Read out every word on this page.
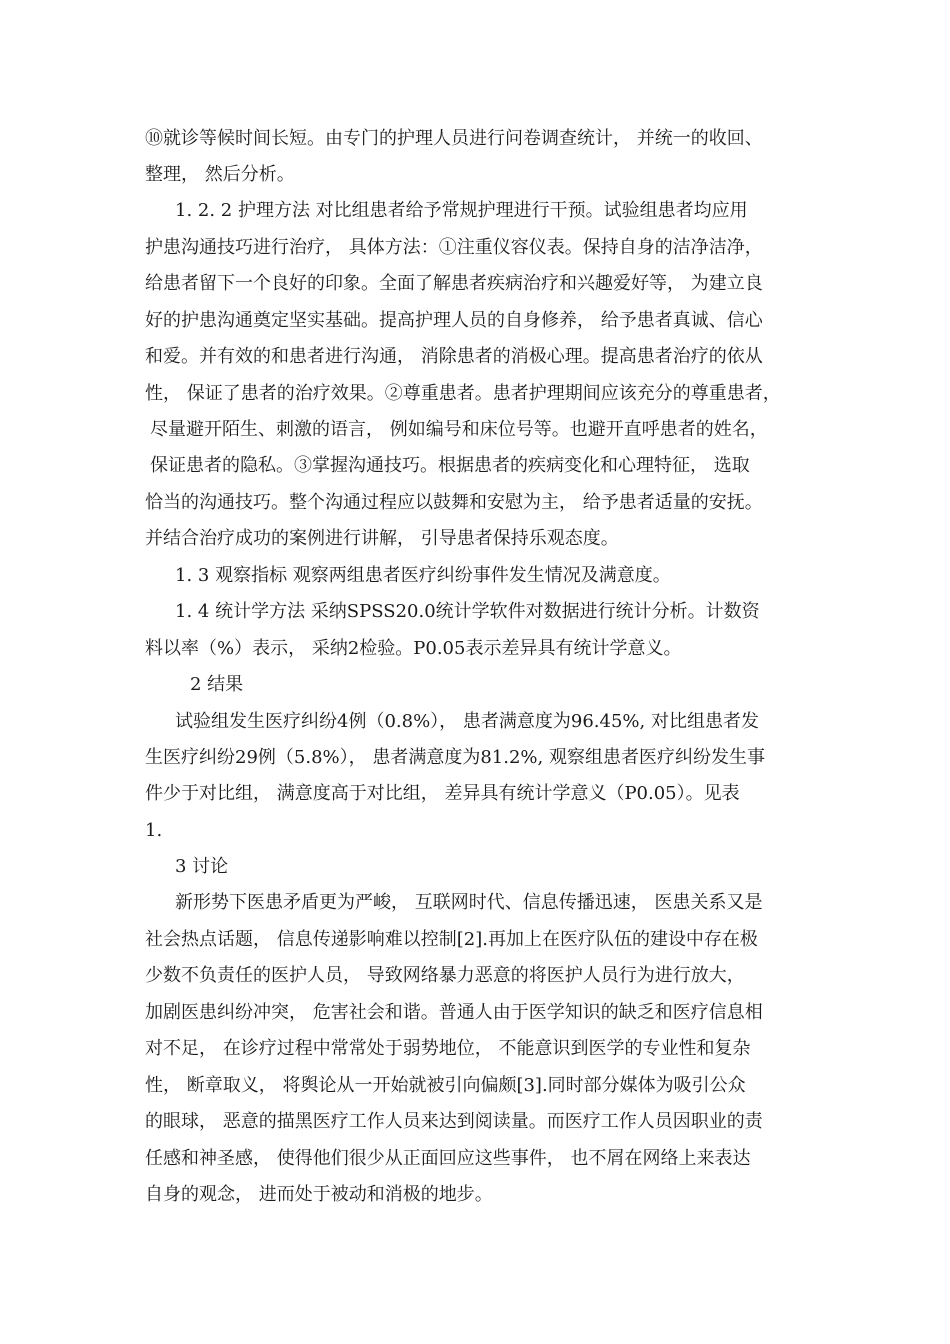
⑩就诊等候时间长短。由专门的护理人员进行问卷调查统计， 并统一的收回、
整理， 然后分析。
1. 2. 2 护理方法 对比组患者给予常规护理进行干预。试验组患者均应用
护患沟通技巧进行治疗， 具体方法：①注重仪容仪表。保持自身的洁净洁净，
给患者留下一个良好的印象。全面了解患者疾病治疗和兴趣爱好等， 为建立良
好的护患沟通奠定坚实基础。提高护理人员的自身修养， 给予患者真诚、信心
和爱。并有效的和患者进行沟通， 消除患者的消极心理。提高患者治疗的依从
性， 保证了患者的治疗效果。②尊重患者。患者护理期间应该充分的尊重患者，
尽量避开陌生、刺激的语言， 例如编号和床位号等。也避开直呼患者的姓名，
保证患者的隐私。③掌握沟通技巧。根据患者的疾病变化和心理特征， 选取
恰当的沟通技巧。整个沟通过程应以鼓舞和安慰为主， 给予患者适量的安抚。
并结合治疗成功的案例进行讲解， 引导患者保持乐观态度。
1. 3 观察指标 观察两组患者医疗纠纷事件发生情况及满意度。
1. 4 统计学方法 采纳SPSS20.0统计学软件对数据进行统计分析。计数资
料以率（%）表示， 采纳2检验。P0.05表示差异具有统计学意义。
2 结果
试验组发生医疗纠纷4例（0.8%）， 患者满意度为96.45%, 对比组患者发
生医疗纠纷29例（5.8%）， 患者满意度为81.2%, 观察组患者医疗纠纷发生事
件少于对比组， 满意度高于对比组， 差异具有统计学意义（P0.05）。见表
1.
3 讨论
新形势下医患矛盾更为严峻， 互联网时代、信息传播迅速， 医患关系又是
社会热点话题， 信息传递影响难以控制[2].再加上在医疗队伍的建设中存在极
少数不负责任的医护人员， 导致网络暴力恶意的将医护人员行为进行放大，
加剧医患纠纷冲突， 危害社会和谐。普通人由于医学知识的缺乏和医疗信息相
对不足， 在诊疗过程中常常处于弱势地位， 不能意识到医学的专业性和复杂
性， 断章取义， 将舆论从一开始就被引向偏颇[3].同时部分媒体为吸引公众
的眼球， 恶意的描黑医疗工作人员来达到阅读量。而医疗工作人员因职业的责
任感和神圣感， 使得他们很少从正面回应这些事件， 也不屑在网络上来表达
自身的观念， 进而处于被动和消极的地步。
